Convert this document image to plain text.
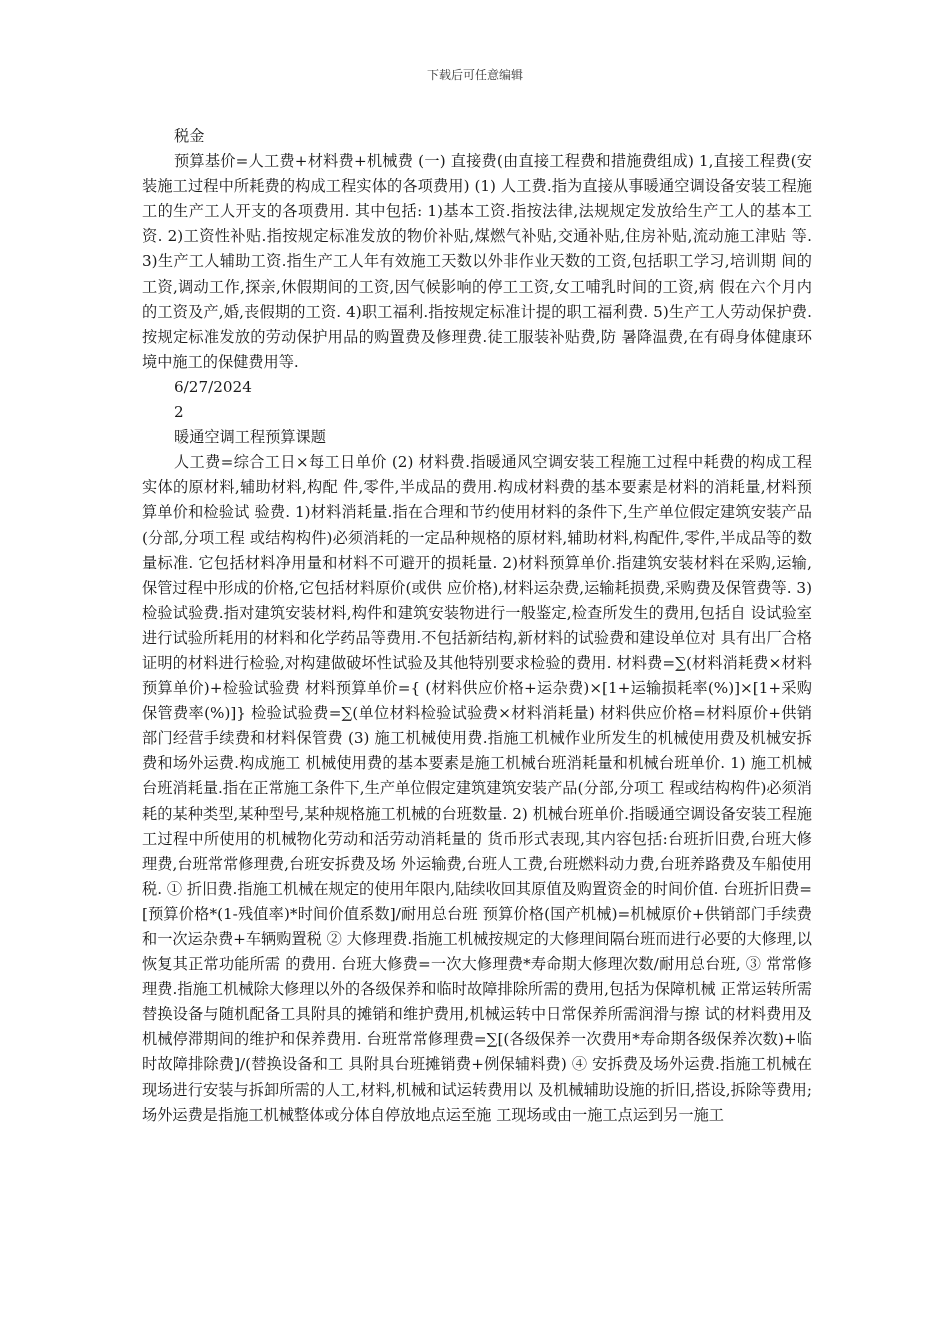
下载后可任意编辑
税金

预算基价=人工费+材料费+机械费 (一) 直接费(由直接工程费和措施费组成) 1,直接工程费(安装施工过程中所耗费的构成工程实体的各项费用) (1) 人工费.指为直接从事暖通空调设备安装工程施工的生产工人开支的各项费用. 其中包括: 1)基本工资.指按法律,法规规定发放给生产工人的基本工资. 2)工资性补贴.指按规定标准发放的物价补贴,煤燃气补贴,交通补贴,住房补贴,流动施工津贴 等. 3)生产工人辅助工资.指生产工人年有效施工天数以外非作业天数的工资,包括职工学习,培训期 间的工资,调动工作,探亲,休假期间的工资,因气候影响的停工工资,女工哺乳时间的工资,病 假在六个月内的工资及产,婚,丧假期的工资. 4)职工福利.指按规定标准计提的职工福利费. 5)生产工人劳动保护费.按规定标准发放的劳动保护用品的购置费及修理费.徒工服装补贴费,防 暑降温费,在有碍身体健康环境中施工的保健费用等.

6/27/2024
2
暖通空调工程预算课题

人工费=综合工日×每工日单价 (2) 材料费.指暖通风空调安装工程施工过程中耗费的构成工程实体的原材料,辅助材料,构配 件,零件,半成品的费用.构成材料费的基本要素是材料的消耗量,材料预算单价和检验试 验费. 1)材料消耗量.指在合理和节约使用材料的条件下,生产单位假定建筑安装产品(分部,分项工程 或结构构件)必须消耗的一定品种规格的原材料,辅助材料,构配件,零件,半成品等的数量标准. 它包括材料净用量和材料不可避开的损耗量. 2)材料预算单价.指建筑安装材料在采购,运输,保管过程中形成的价格,它包括材料原价(或供 应价格),材料运杂费,运输耗损费,采购费及保管费等. 3)检验试验费.指对建筑安装材料,构件和建筑安装物进行一般鉴定,检查所发生的费用,包括自 设试验室进行试验所耗用的材料和化学药品等费用.不包括新结构,新材料的试验费和建设单位对 具有出厂合格证明的材料进行检验,对构建做破坏性试验及其他特别要求检验的费用. 材料费=∑(材料消耗费×材料预算单价)+检验试验费 材料预算单价={ (材料供应价格+运杂费)×[1+运输损耗率(%)]×[1+采购保管费率(%)]} 检验试验费=∑(单位材料检验试验费×材料消耗量) 材料供应价格=材料原价+供销部门经营手续费和材料保管费 (3) 施工机械使用费.指施工机械作业所发生的机械使用费及机械安拆费和场外运费.构成施工 机械使用费的基本要素是施工机械台班消耗量和机械台班单价. 1) 施工机械台班消耗量.指在正常施工条件下,生产单位假定建筑建筑安装产品(分部,分项工 程或结构构件)必须消耗的某种类型,某种型号,某种规格施工机械的台班数量. 2) 机械台班单价.指暖通空调设备安装工程施工过程中所使用的机械物化劳动和活劳动消耗量的 货币形式表现,其内容包括:台班折旧费,台班大修理费,台班常常修理费,台班安拆费及场 外运输费,台班人工费,台班燃料动力费,台班养路费及车船使用税. ① 折旧费.指施工机械在规定的使用年限内,陆续收回其原值及购置资金的时间价值. 台班折旧费=[预算价格*(1-残值率)*时间价值系数]/耐用总台班 预算价格(国产机械)=机械原价+供销部门手续费和一次运杂费+车辆购置税 ② 大修理费.指施工机械按规定的大修理间隔台班而进行必要的大修理,以恢复其正常功能所需 的费用. 台班大修费=一次大修理费*寿命期大修理次数/耐用总台班, ③ 常常修理费.指施工机械除大修理以外的各级保养和临时故障排除所需的费用,包括为保障机械 正常运转所需替换设备与随机配备工具附具的摊销和维护费用,机械运转中日常保养所需润滑与擦 试的材料费用及机械停滞期间的维护和保养费用. 台班常常修理费=∑[(各级保养一次费用*寿命期各级保养次数)+临时故障排除费]/(替换设备和工 具附具台班摊销费+例保辅料费) ④ 安拆费及场外运费.指施工机械在现场进行安装与拆卸所需的人工,材料,机械和试运转费用以 及机械辅助设施的折旧,搭设,拆除等费用;场外运费是指施工机械整体或分体自停放地点运至施 工现场或由一施工点运到另一施工
